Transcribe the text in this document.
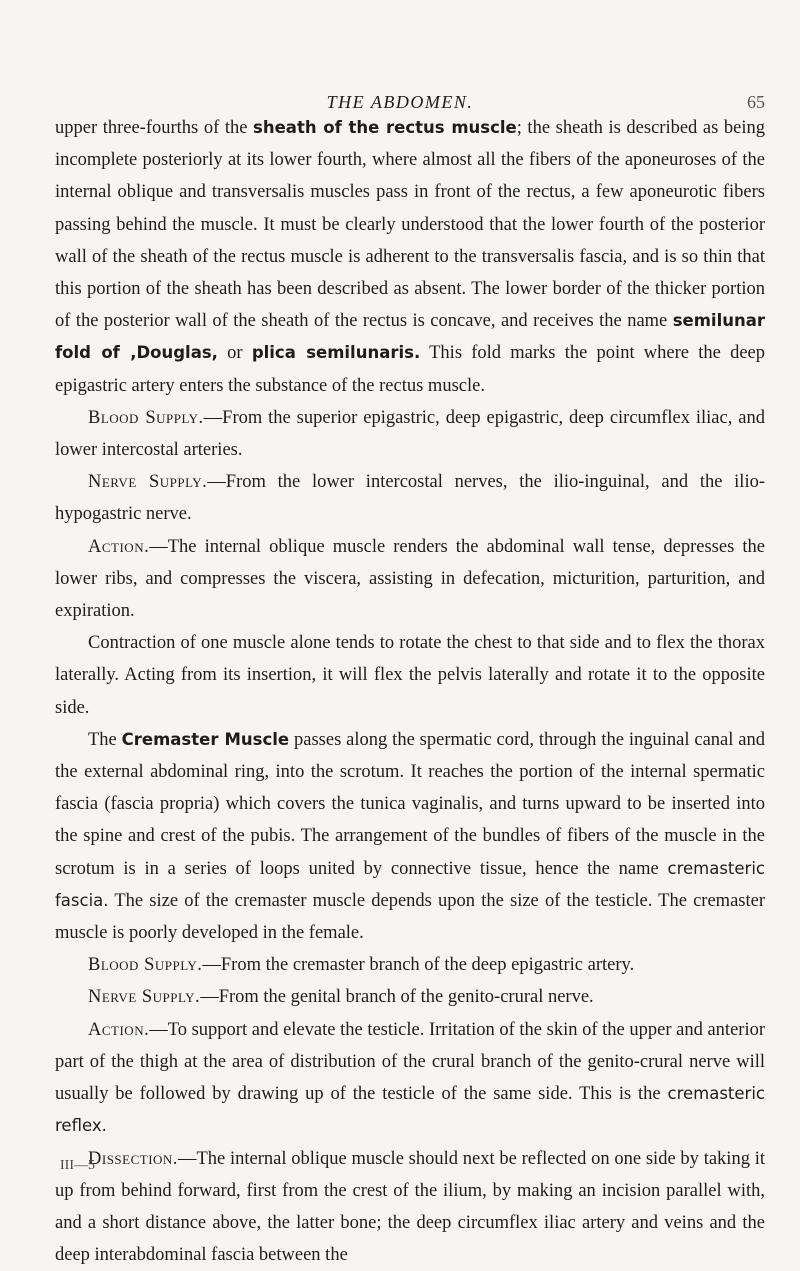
THE ABDOMEN.	65

upper three-fourths of the sheath of the rectus muscle; the sheath is described as being incomplete posteriorly at its lower fourth, where almost all the fibers of the aponeuroses of the internal oblique and transversalis muscles pass in front of the rectus, a few aponeurotic fibers passing behind the muscle. It must be clearly understood that the lower fourth of the posterior wall of the sheath of the rectus muscle is adherent to the transversalis fascia, and is so thin that this portion of the sheath has been described as absent. The lower border of the thicker portion of the posterior wall of the sheath of the rectus is concave, and receives the name semilunar fold of ,Douglas, or plica semilunaris. This fold marks the point where the deep epigastric artery enters the substance of the rectus muscle.

Blood Supply.—From the superior epigastric, deep epigastric, deep circumflex iliac, and lower intercostal arteries.

Nerve Supply.—From the lower intercostal nerves, the ilio-inguinal, and the ilio-hypogastric nerve.

Action.—The internal oblique muscle renders the abdominal wall tense, depresses the lower ribs, and compresses the viscera, assisting in defecation, micturition, parturition, and expiration.

Contraction of one muscle alone tends to rotate the chest to that side and to flex the thorax laterally. Acting from its insertion, it will flex the pelvis laterally and rotate it to the opposite side.

The Cremaster Muscle passes along the spermatic cord, through the inguinal canal and the external abdominal ring, into the scrotum. It reaches the portion of the internal spermatic fascia (fascia propria) which covers the tunica vaginalis, and turns upward to be inserted into the spine and crest of the pubis. The arrangement of the bundles of fibers of the muscle in the scrotum is in a series of loops united by connective tissue, hence the name cremasteric fascia. The size of the cremaster muscle depends upon the size of the testicle. The cremaster muscle is poorly developed in the female.

Blood Supply.—From the cremaster branch of the deep epigastric artery.

Nerve Supply.—From the genital branch of the genito-crural nerve.

Action.—To support and elevate the testicle. Irritation of the skin of the upper and anterior part of the thigh at the area of distribution of the crural branch of the genito-crural nerve will usually be followed by drawing up of the testicle of the same side. This is the cremasteric reflex.

Dissection.—The internal oblique muscle should next be reflected on one side by taking it up from behind forward, first from the crest of the ilium, by making an incision parallel with, and a short distance above, the latter bone; the deep circumflex iliac artery and veins and the deep interabdominal fascia between the

III—5
